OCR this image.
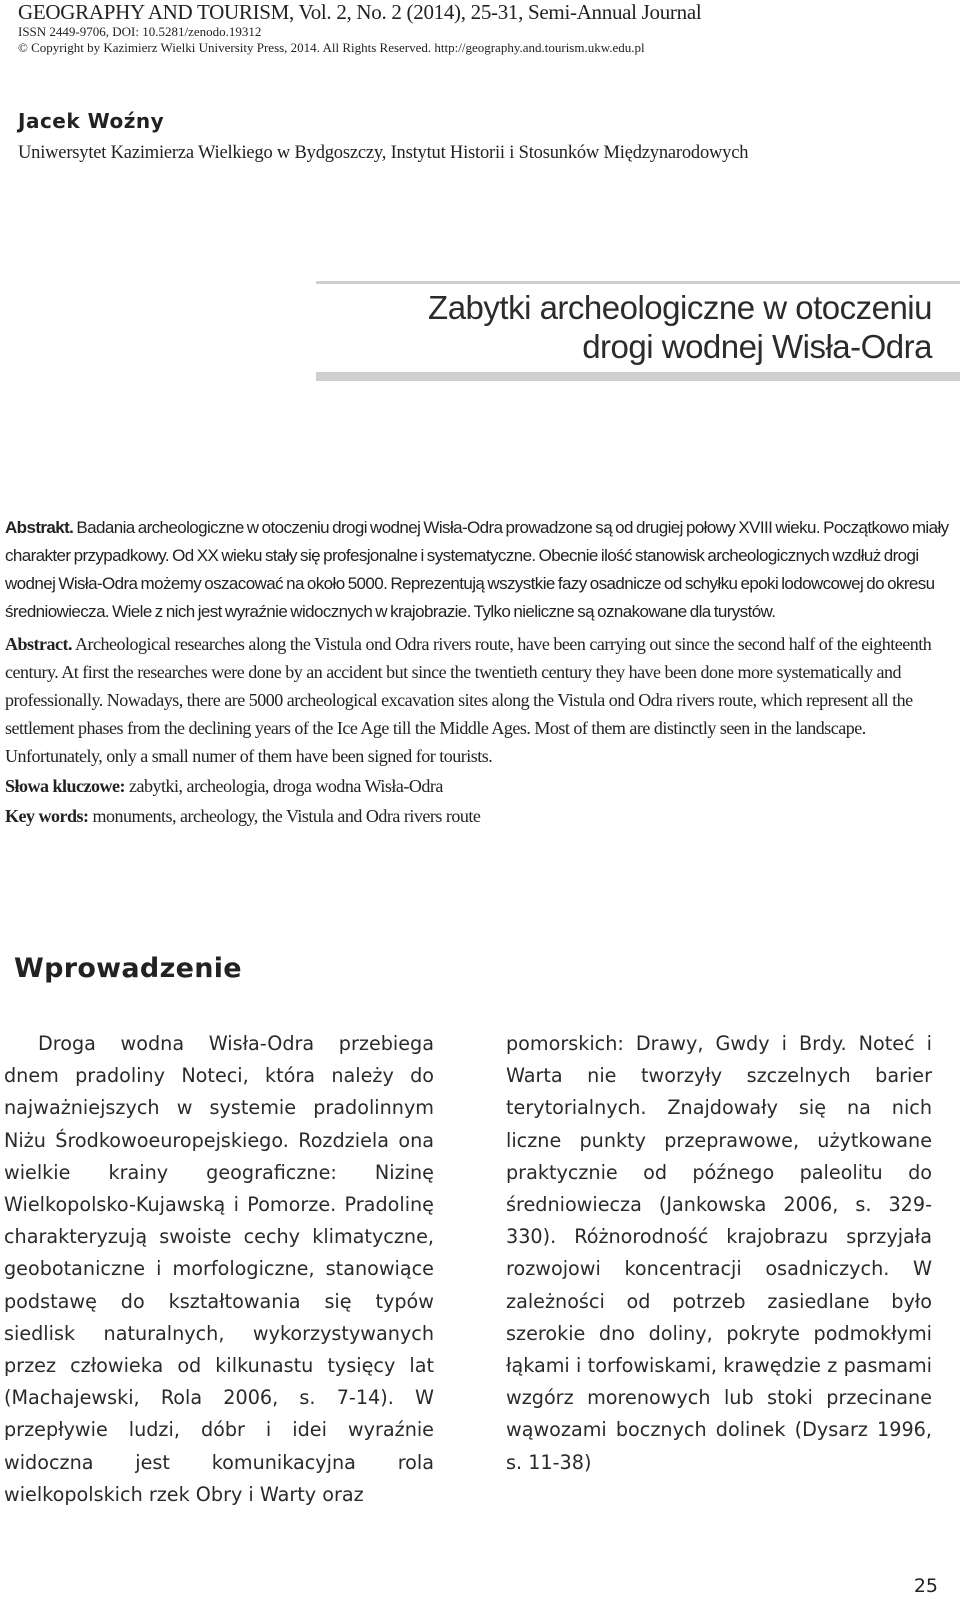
GEOGRAPHY AND TOURISM, Vol. 2, No. 2 (2014), 25-31, Semi-Annual Journal
ISSN 2449-9706, DOI: 10.5281/zenodo.19312
© Copyright by Kazimierz Wielki University Press, 2014. All Rights Reserved. http://geography.and.tourism.ukw.edu.pl
Jacek Woźny
Uniwersytet Kazimierza Wielkiego w Bydgoszczy, Instytut Historii i Stosunków Międzynarodowych
Zabytki archeologiczne w otoczeniu
drogi wodnej Wisła-Odra

Abstrakt. Badania archeologiczne w otoczeniu drogi wodnej Wisła-Odra prowadzone są od drugiej połowy XVIII wieku. Początkowo miały charakter przypadkowy. Od XX wieku stały się profesjonalne i systematyczne. Obecnie ilość stanowisk archeologicznych wzdłuż drogi wodnej Wisła-Odra możemy oszacować na około 5000. Reprezentują wszystkie fazy osadnicze od schyłku epoki lodowcowej do okresu średniowiecza. Wiele z nich jest wyraźnie widocznych w krajobrazie. Tylko nieliczne są oznakowane dla turystów.

Abstract. Archeological researches along the Vistula ond Odra rivers route, have been carrying out since the second half of the eighteenth century. At first the researches were done by an accident but since the twentieth century they have been done more systematically and professionally. Nowadays, there are 5000 archeological excavation sites along the Vistula ond Odra rivers route, which represent all the settlement phases from the declining years of the Ice Age till the Middle Ages. Most of them are distinctly seen in the landscape. Unfortunately, only a small numer of them have been signed for tourists.

Słowa kluczowe: zabytki, archeologia, droga wodna Wisła-Odra

Key words: monuments, archeology, the Vistula and Odra rivers route

Wprowadzenie
Droga wodna Wisła-Odra przebiega dnem pradoliny Noteci, która należy do najważniejszych w systemie pradolinnym Niżu Środkowoeuropejskiego. Rozdziela ona wielkie krainy geograficzne: Nizinę Wielkopolsko-Kujawską i Pomorze. Pradolinę charakteryzują swoiste cechy klimatyczne, geobotaniczne i morfologiczne, stanowiące podstawę do kształtowania się typów siedlisk naturalnych, wykorzystywanych przez człowieka od kilkunastu tysięcy lat (Machajewski, Rola 2006, s. 7-14). W przepływie ludzi, dóbr i idei wyraźnie widoczna jest komunikacyjna rola wielkopolskich rzek Obry i Warty oraz
pomorskich: Drawy, Gwdy i Brdy. Noteć i Warta nie tworzyły szczelnych barier terytorialnych. Znajdowały się na nich liczne punkty przeprawowe, użytkowane praktycznie od późnego paleolitu do średniowiecza (Jankowska 2006, s. 329-330). Różnorodność krajobrazu sprzyjała rozwojowi koncentracji osadniczych. W zależności od potrzeb zasiedlane było szerokie dno doliny, pokryte podmokłymi łąkami i torfowiskami, krawędzie z pasmami wzgórz morenowych lub stoki przecinane wąwozami bocznych dolinek (Dysarz 1996, s. 11-38)
25
